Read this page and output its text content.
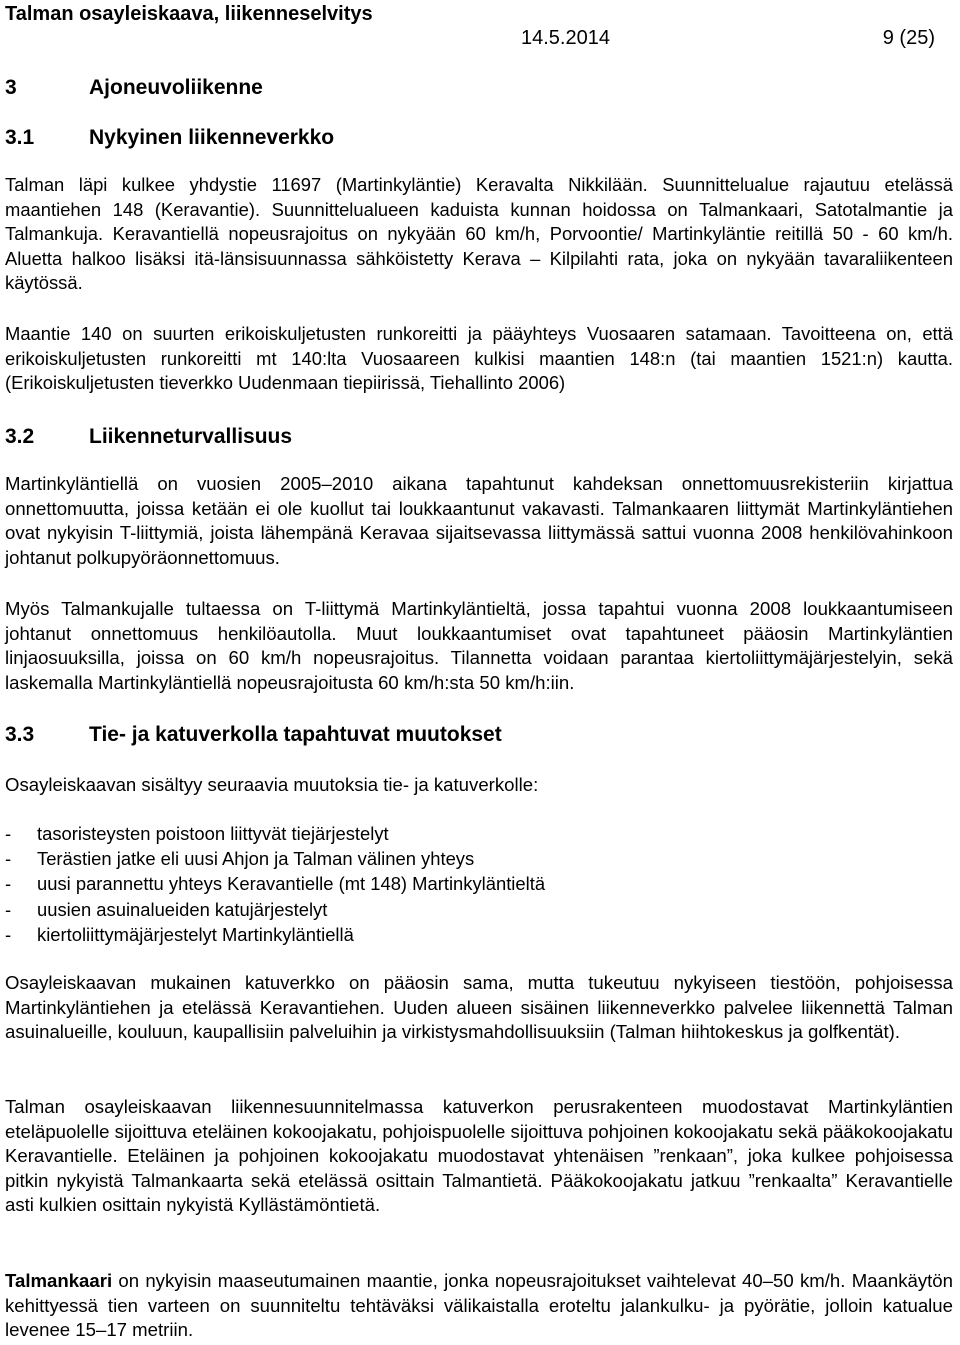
Talman osayleiskaava, liikenneselvitys
14.5.2014	9 (25)
3	Ajoneuvoliikenne
3.1	Nykyinen liikenneverkko

Talman läpi kulkee yhdystie 11697 (Martinkyläntie) Keravalta Nikkilään. Suunnittelualue rajautuu etelässä maantiehen 148 (Keravantie). Suunnittelualueen kaduista kunnan hoidossa on Talmankaari, Satotalmantie ja Talmankuja. Keravantiellä nopeusrajoitus on nykyään 60 km/h, Porvoontie/ Martinkyläntie reitillä 50 - 60 km/h. Aluetta halkoo lisäksi itä-länsisuunnassa sähköistetty Kerava – Kilpilahti rata, joka on nykyään tavaraliikenteen käytössä.

Maantie 140 on suurten erikoiskuljetusten runkoreitti ja pääyhteys Vuosaaren satamaan. Tavoitteena on, että erikoiskuljetusten runkoreitti mt 140:lta Vuosaareen kulkisi maantien 148:n (tai maantien 1521:n) kautta. (Erikoiskuljetusten tieverkko Uudenmaan tiepiirissä, Tiehallinto 2006)

3.2	Liikenneturvallisuus

Martinkyläntiellä on vuosien 2005–2010 aikana tapahtunut kahdeksan onnettomuusrekisteriin kirjattua onnettomuutta, joissa ketään ei ole kuollut tai loukkaantunut vakavasti. Talmankaaren liittymät Martinkyläntiehen ovat nykyisin T-liittymiä, joista lähempänä Keravaa sijaitsevassa liittymässä sattui vuonna 2008 henkilövahinkoon johtanut polkupyöräonnettomuus.

Myös Talmankujalle tultaessa on T-liittymä Martinkyläntieltä, jossa tapahtui vuonna 2008 loukkaantumiseen johtanut onnettomuus henkilöautolla. Muut loukkaantumiset ovat tapahtuneet pääosin Martinkyläntien linjaosuuksilla, joissa on 60 km/h nopeusrajoitus. Tilannetta voidaan parantaa kiertoliittymäjärjestelyin, sekä laskemalla Martinkyläntiellä nopeusrajoitusta 60 km/h:sta 50 km/h:iin.

3.3	Tie- ja katuverkolla tapahtuvat muutokset

Osayleiskaavan sisältyy seuraavia muutoksia tie- ja katuverkolle:

- tasoristeysten poistoon liittyvät tiejärjestelyt
- Terästien jatke eli uusi Ahjon ja Talman välinen yhteys
- uusi parannettu yhteys Keravantielle (mt 148) Martinkyläntieltä
- uusien asuinalueiden katujärjestelyt
- kiertoliittymäjärjestelyt Martinkyläntiellä

Osayleiskaavan mukainen katuverkko on pääosin sama, mutta tukeutuu nykyiseen tiestöön, pohjoisessa Martinkyläntiehen ja etelässä Keravantiehen. Uuden alueen sisäinen liikenneverkko palvelee liikennettä Talman asuinalueille, kouluun, kaupallisiin palveluihin ja virkistysmahdollisuuksiin (Talman hiihtokeskus ja golfkentät).

Talman osayleiskaavan liikennesuunnitelmassa katuverkon perusrakenteen muodostavat Martinkyläntien eteläpuolelle sijoittuva eteläinen kokoojakatu, pohjoispuolelle sijoittuva pohjoinen kokoojakatu sekä pääkokoojakatu Keravantielle. Eteläinen ja pohjoinen kokoojakatu muodostavat yhtenäisen ”renkaan”, joka kulkee pohjoisessa pitkin nykyistä Talmankaarta sekä etelässä osittain Talmantietä. Pääkokoojakatu jatkuu ”renkaalta” Keravantielle asti kulkien osittain nykyistä Kyllästämöntietä.

Talmankaari on nykyisin maaseutumainen maantie, jonka nopeusrajoitukset vaihtelevat 40–50 km/h. Maankäytön kehittyessä tien varteen on suunniteltu tehtäväksi välikaistalla eroteltu jalankulku- ja pyörätie, jolloin katualue levenee 15–17 metriin.
